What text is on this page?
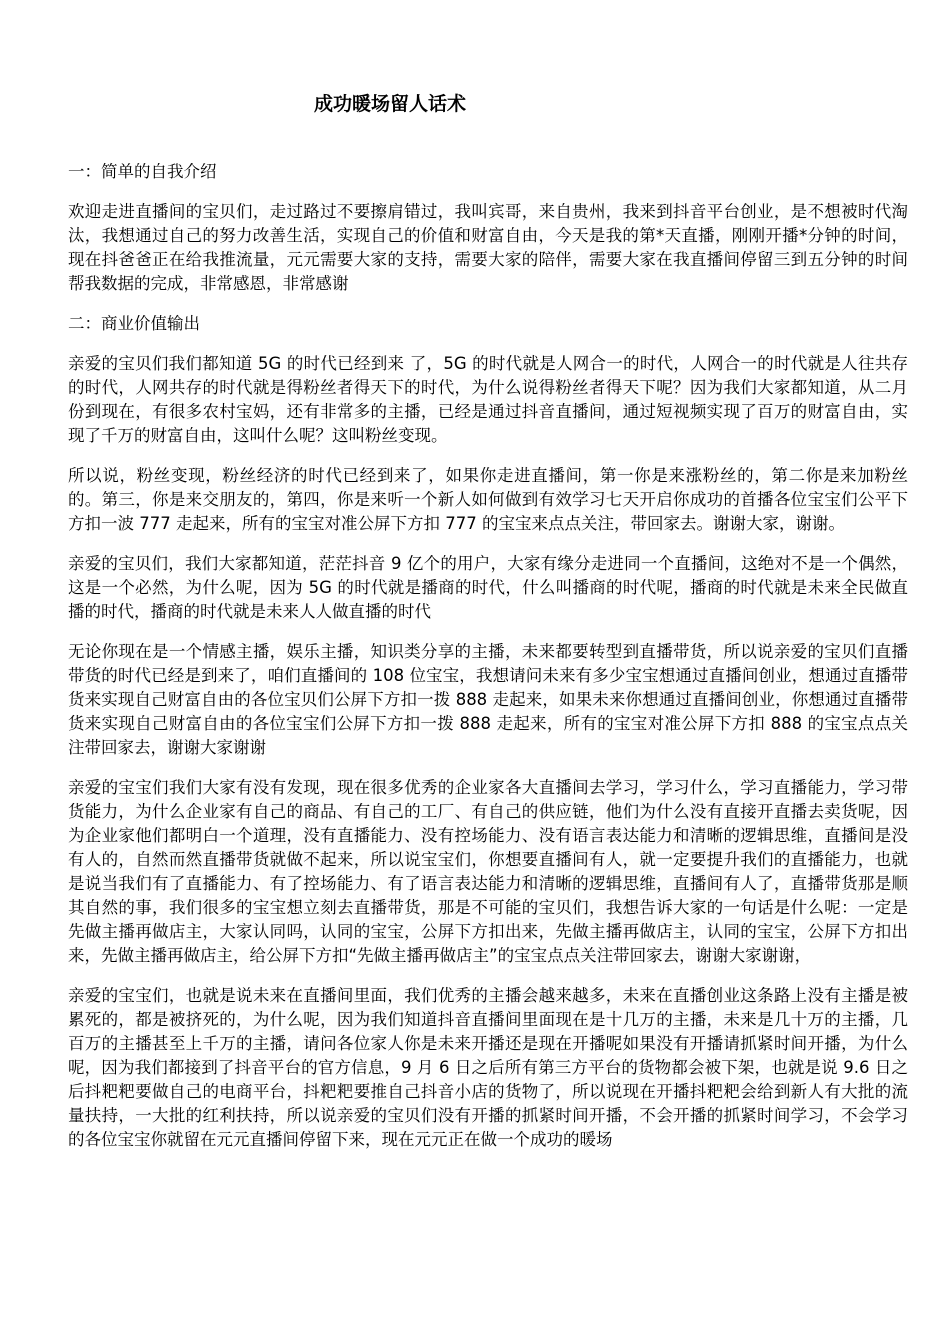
成功暖场留人话术

一：简单的自我介绍

欢迎走进直播间的宝贝们，走过路过不要擦肩错过，我叫宾哥，来自贵州，我来到抖音平台创业，是不想被时代淘汰，我想通过自己的努力改善生活，实现自己的价值和财富自由，今天是我的第*天直播，刚刚开播*分钟的时间，现在抖爸爸正在给我推流量，元元需要大家的支持，需要大家的陪伴，需要大家在我直播间停留三到五分钟的时间帮我数据的完成，非常感恩，非常感谢

二：商业价值输出

亲爱的宝贝们我们都知道 5G 的时代已经到来 了，5G 的时代就是人网合一的时代，人网合一的时代就是人往共存的时代，人网共存的时代就是得粉丝者得天下的时代，为什么说得粉丝者得天下呢？因为我们大家都知道，从二月份到现在，有很多农村宝妈，还有非常多的主播，已经是通过抖音直播间，通过短视频实现了百万的财富自由，实现了千万的财富自由，这叫什么呢？这叫粉丝变现。

所以说，粉丝变现，粉丝经济的时代已经到来了，如果你走进直播间，第一你是来涨粉丝的，第二你是来加粉丝的。第三，你是来交朋友的，第四，你是来听一个新人如何做到有效学习七天开启你成功的首播各位宝宝们公平下方扣一波 777 走起来，所有的宝宝对准公屏下方扣 777 的宝宝来点点关注，带回家去。谢谢大家，谢谢。

亲爱的宝贝们，我们大家都知道，茫茫抖音 9 亿个的用户，大家有缘分走进同一个直播间，这绝对不是一个偶然，这是一个必然，为什么呢，因为 5G 的时代就是播商的时代，什么叫播商的时代呢，播商的时代就是未来全民做直播的时代，播商的时代就是未来人人做直播的时代

无论你现在是一个情感主播，娱乐主播，知识类分享的主播，未来都要转型到直播带货，所以说亲爱的宝贝们直播带货的时代已经是到来了，咱们直播间的 108 位宝宝，我想请问未来有多少宝宝想通过直播间创业，想通过直播带货来实现自己财富自由的各位宝贝们公屏下方扣一拨 888 走起来，如果未来你想通过直播间创业，你想通过直播带货来实现自己财富自由的各位宝宝们公屏下方扣一拨 888 走起来，所有的宝宝对准公屏下方扣 888 的宝宝点点关注带回家去，谢谢大家谢谢

亲爱的宝宝们我们大家有没有发现，现在很多优秀的企业家各大直播间去学习，学习什么，学习直播能力，学习带货能力，为什么企业家有自己的商品、有自己的工厂、有自己的供应链，他们为什么没有直接开直播去卖货呢，因为企业家他们都明白一个道理，没有直播能力、没有控场能力、没有语言表达能力和清晰的逻辑思维，直播间是没有人的，自然而然直播带货就做不起来，所以说宝宝们，你想要直播间有人，就一定要提升我们的直播能力，也就是说当我们有了直播能力、有了控场能力、有了语言表达能力和清晰的逻辑思维，直播间有人了，直播带货那是顺其自然的事，我们很多的宝宝想立刻去直播带货，那是不可能的宝贝们，我想告诉大家的一句话是什么呢：一定是先做主播再做店主，大家认同吗，认同的宝宝，公屏下方扣出来，先做主播再做店主，认同的宝宝，公屏下方扣出来，先做主播再做店主，给公屏下方扣“先做主播再做店主”的宝宝点点关注带回家去，谢谢大家谢谢，

亲爱的宝宝们，也就是说未来在直播间里面，我们优秀的主播会越来越多，未来在直播创业这条路上没有主播是被累死的，都是被挤死的，为什么呢，因为我们知道抖音直播间里面现在是十几万的主播，未来是几十万的主播，几百万的主播甚至上千万的主播，请问各位家人你是未来开播还是现在开播呢如果没有开播请抓紧时间开播，为什么呢，因为我们都接到了抖音平台的官方信息，9 月 6 日之后所有第三方平台的货物都会被下架，也就是说 9.6 日之后抖粑粑要做自己的电商平台，抖粑粑要推自己抖音小店的货物了，所以说现在开播抖粑粑会给到新人有大批的流量扶持，一大批的红利扶持，所以说亲爱的宝贝们没有开播的抓紧时间开播，不会开播的抓紧时间学习，不会学习的各位宝宝你就留在元元直播间停留下来，现在元元正在做一个成功的暖场
